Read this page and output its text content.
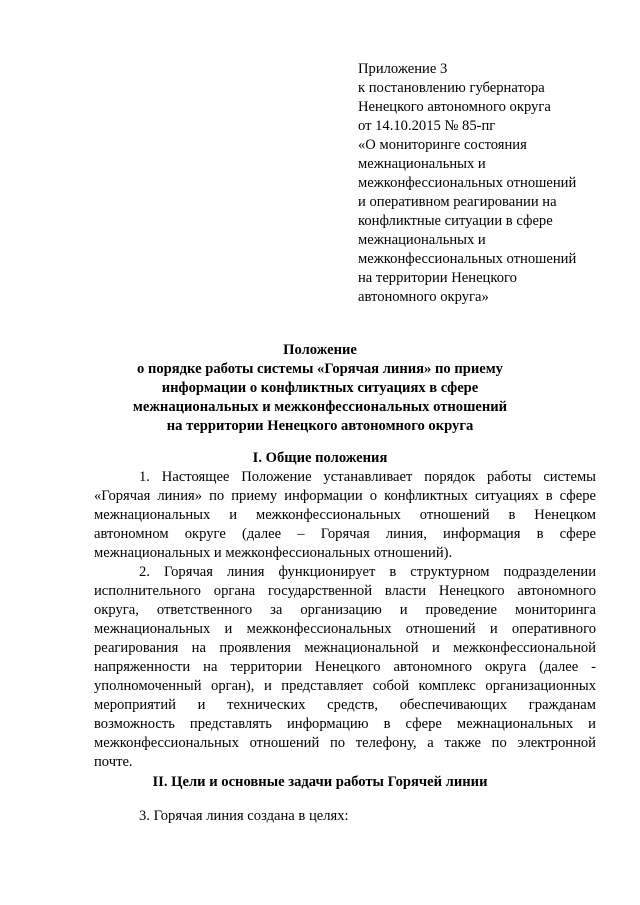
Приложение 3
к постановлению губернатора
Ненецкого автономного округа
от 14.10.2015 № 85-пг
«О мониторинге состояния
межнациональных и
межконфессиональных отношений
и оперативном реагировании на
конфликтные ситуации в сфере
межнациональных и
межконфессиональных отношений
на территории Ненецкого
автономного округа»
Положение
о порядке работы системы «Горячая линия» по приему
информации о конфликтных ситуациях в сфере
межнациональных и межконфессиональных отношений
на территории Ненецкого автономного округа
I. Общие положения
1. Настоящее Положение устанавливает порядок работы системы
«Горячая линия» по приему информации о конфликтных ситуациях в сфере
межнациональных и межконфессиональных отношений в Ненецком
автономном округе (далее – Горячая линия, информация в сфере
межнациональных и межконфессиональных отношений).
2. Горячая линия функционирует в структурном подразделении
исполнительного органа государственной власти Ненецкого автономного
округа, ответственного за организацию и проведение мониторинга
межнациональных и межконфессиональных отношений и оперативного
реагирования на проявления межнациональной и межконфессиональной
напряженности на территории Ненецкого автономного округа (далее -
уполномоченный орган), и представляет собой комплекс организационных
мероприятий и технических средств, обеспечивающих гражданам
возможность представлять информацию в сфере межнациональных и
межконфессиональных отношений по телефону, а также по электронной
почте.
II. Цели и основные задачи работы Горячей линии
3. Горячая линия создана в целях:
